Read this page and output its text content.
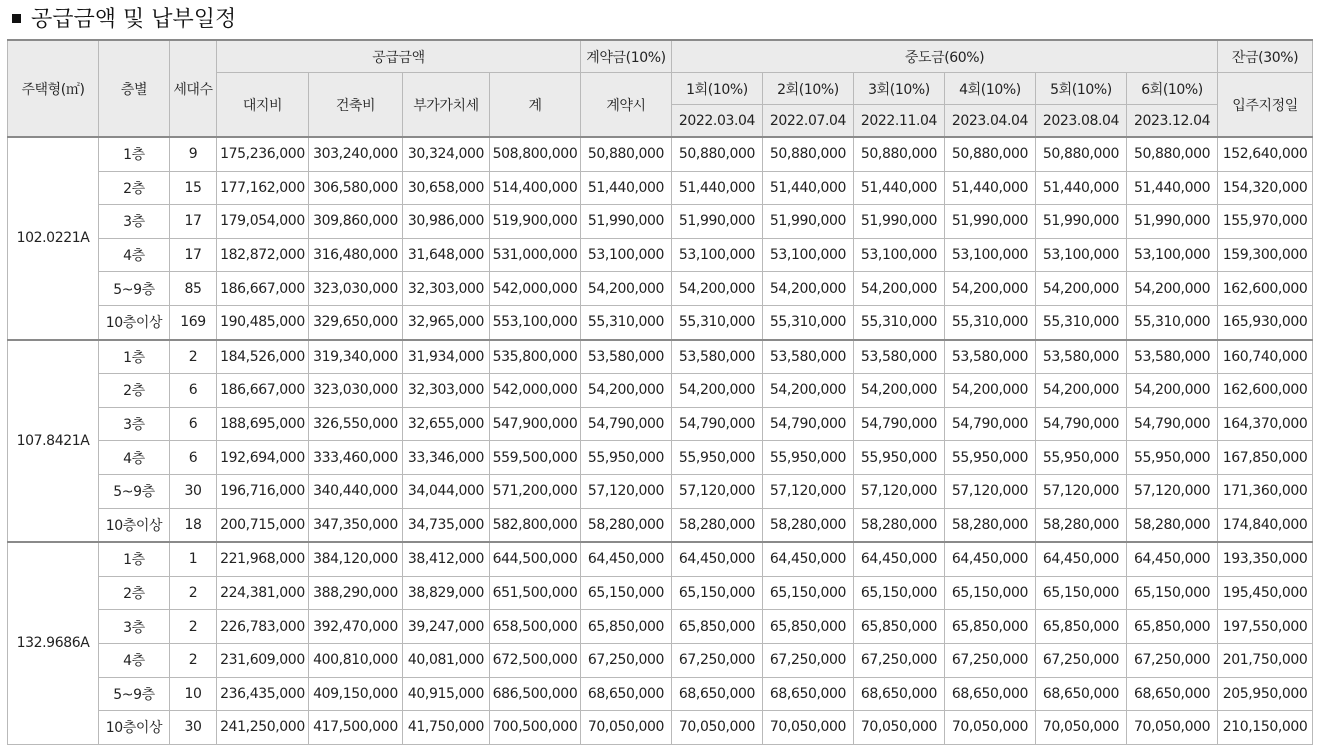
공급금액 및 납부일정
주택형(㎡)	층별	세대수	공급금액				계약금(10%)	중도금(60%)						잔금(30%)
			대지비	건축비	부가가치세	계	계약시	1회(10%)	2회(10%)	3회(10%)	4회(10%)	5회(10%)	6회(10%)	입주지정일
								2022.03.04	2022.07.04	2022.11.04	2023.04.04	2023.08.04	2023.12.04	
102.0221A	1층	9	175,236,000	303,240,000	30,324,000	508,800,000	50,880,000	50,880,000	50,880,000	50,880,000	50,880,000	50,880,000	50,880,000	152,640,000
	2층	15	177,162,000	306,580,000	30,658,000	514,400,000	51,440,000	51,440,000	51,440,000	51,440,000	51,440,000	51,440,000	51,440,000	154,320,000
	3층	17	179,054,000	309,860,000	30,986,000	519,900,000	51,990,000	51,990,000	51,990,000	51,990,000	51,990,000	51,990,000	51,990,000	155,970,000
	4층	17	182,872,000	316,480,000	31,648,000	531,000,000	53,100,000	53,100,000	53,100,000	53,100,000	53,100,000	53,100,000	53,100,000	159,300,000
	5~9층	85	186,667,000	323,030,000	32,303,000	542,000,000	54,200,000	54,200,000	54,200,000	54,200,000	54,200,000	54,200,000	54,200,000	162,600,000
	10층이상	169	190,485,000	329,650,000	32,965,000	553,100,000	55,310,000	55,310,000	55,310,000	55,310,000	55,310,000	55,310,000	55,310,000	165,930,000
107.8421A	1층	2	184,526,000	319,340,000	31,934,000	535,800,000	53,580,000	53,580,000	53,580,000	53,580,000	53,580,000	53,580,000	53,580,000	160,740,000
	2층	6	186,667,000	323,030,000	32,303,000	542,000,000	54,200,000	54,200,000	54,200,000	54,200,000	54,200,000	54,200,000	54,200,000	162,600,000
	3층	6	188,695,000	326,550,000	32,655,000	547,900,000	54,790,000	54,790,000	54,790,000	54,790,000	54,790,000	54,790,000	54,790,000	164,370,000
	4층	6	192,694,000	333,460,000	33,346,000	559,500,000	55,950,000	55,950,000	55,950,000	55,950,000	55,950,000	55,950,000	55,950,000	167,850,000
	5~9층	30	196,716,000	340,440,000	34,044,000	571,200,000	57,120,000	57,120,000	57,120,000	57,120,000	57,120,000	57,120,000	57,120,000	171,360,000
	10층이상	18	200,715,000	347,350,000	34,735,000	582,800,000	58,280,000	58,280,000	58,280,000	58,280,000	58,280,000	58,280,000	58,280,000	174,840,000
132.9686A	1층	1	221,968,000	384,120,000	38,412,000	644,500,000	64,450,000	64,450,000	64,450,000	64,450,000	64,450,000	64,450,000	64,450,000	193,350,000
	2층	2	224,381,000	388,290,000	38,829,000	651,500,000	65,150,000	65,150,000	65,150,000	65,150,000	65,150,000	65,150,000	65,150,000	195,450,000
	3층	2	226,783,000	392,470,000	39,247,000	658,500,000	65,850,000	65,850,000	65,850,000	65,850,000	65,850,000	65,850,000	65,850,000	197,550,000
	4층	2	231,609,000	400,810,000	40,081,000	672,500,000	67,250,000	67,250,000	67,250,000	67,250,000	67,250,000	67,250,000	67,250,000	201,750,000
	5~9층	10	236,435,000	409,150,000	40,915,000	686,500,000	68,650,000	68,650,000	68,650,000	68,650,000	68,650,000	68,650,000	68,650,000	205,950,000
	10층이상	30	241,250,000	417,500,000	41,750,000	700,500,000	70,050,000	70,050,000	70,050,000	70,050,000	70,050,000	70,050,000	70,050,000	210,150,000
